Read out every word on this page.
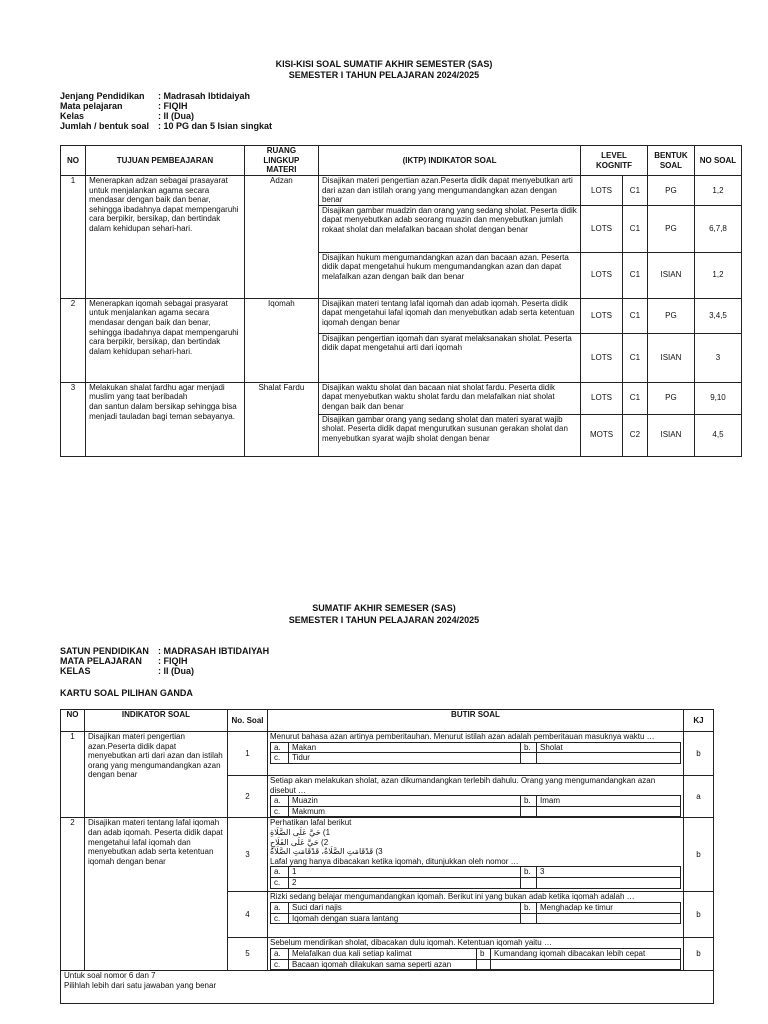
KISI-KISI SOAL SUMATIF AKHIR SEMESTER (SAS)
SEMESTER I TAHUN PELAJARAN 2024/2025
Jenjang Pendidikan : Madrasah Ibtidaiyah
Mata pelajaran	: FIQIH
Kelas	: II (Dua)
Jumlah / bentuk soal : 10 PG dan 5 Isian singkat
NO	TUJUAN PEMBEAJARAN	RUANG LINGKUP MATERI	(IKTP) INDIKATOR SOAL	LEVEL KOGNITF		BENTUK SOAL	NO SOAL
1	Menerapkan adzan sebagai prasayarat untuk menjalankan agama secara mendasar dengan baik dan benar, sehingga ibadahnya dapat mempengaruhi cara berpikir, bersikap, dan bertindak dalam kehidupan sehari-hari.	Adzan	Disajikan materi pengertian azan.Peserta didik dapat menyebutkan arti dari azan dan istilah orang yang mengumandangkan azan dengan benar	LOTS	C1	PG	1,2
			Disajikan gambar muadzin dan orang yang sedang sholat. Peserta didik dapat menyebutkan adab seorang muazin dan menyebutkan jumlah rokaat sholat dan melafalkan bacaan sholat dengan benar	LOTS	C1	PG	6,7,8
			Disajikan hukum mengumandangkan azan dan bacaan azan. Peserta didik dapat mengetahui hukum mengumandangkan azan dan dapat melafalkan azan dengan baik dan benar	LOTS	C1	ISIAN	1,2
2	Menerapkan iqomah sebagai prasyarat untuk menjalankan agama secara mendasar dengan baik dan benar, sehingga ibadahnya dapat mempengaruhi cara berpikir, bersikap, dan bertindak dalam kehidupan sehari-hari.	Iqomah	Disajikan materi tentang lafal iqomah dan adab iqomah. Peserta didik dapat mengetahui lafal iqomah dan menyebutkan adab serta ketentuan iqomah dengan benar	LOTS	C1	PG	3,4,5
			Disajikan pengertian iqomah dan syarat melaksanakan sholat. Peserta didik dapat mengetahui arti dari iqomah	LOTS	C1	ISIAN	3
3	Melakukan shalat fardhu agar menjadi muslim yang taat beribadah
dan santun dalam bersikap sehingga bisa menjadi tauladan bagi teman sebayanya.	Shalat Fardu	Disajikan waktu sholat dan bacaan niat sholat fardu. Peserta didik dapat menyebutkan waktu sholat fardu dan melafalkan niat sholat dengan baik dan benar	LOTS	C1	PG	9,10
			Disajikan gambar orang yang sedang sholat dan materi syarat wajib sholat. Peserta didik dapat mengurutkan susunan gerakan sholat dan menyebutkan syarat wajib sholat dengan benar	MOTS	C2	ISIAN	4,5
SUMATIF AKHIR SEMESER (SAS)
SEMESTER I TAHUN PELAJARAN 2024/2025
SATUN PENDIDIKAN : MADRASAH IBTIDAIYAH
MATA PELAJARAN : FIQIH
KELAS	: II (Dua)
KARTU SOAL PILIHAN GANDA
NO	INDIKATOR SOAL	No. Soal	BUTIR SOAL	KJ
1	Disajikan materi pengertian azan.Peserta didik dapat menyebutkan arti dari azan dan istilah orang yang mengumandangkan azan dengan benar	1	
Menurut bahasa azan artinya pemberitauhan. Menurut istilah azan adalah pemberitauan masuknya waktu …
a.	Makan	b.	Sholat
c.	Tidur		
		b
2	
Setiap akan melakukan sholat, azan dikumandangkan terlebih dahulu. Orang yang mengumandangkan azan disebut …
a.	Muazin	b.	Imam
c.	Makmum		
	a
2	Disajikan materi tentang lafal iqomah dan adab iqomah. Peserta didik dapat mengetahui lafal iqomah dan menyebutkan adab serta ketentuan iqomah dengan benar	3	
Perhatikan lafal berikut
1) حَيَّ عَلَى الصَّلَاةِ
2) حَيَّ عَلَى الفَلَاحِ
3) قَدْقَامَتِ الصَّلَاةُ، قَدْقَامَتِ الصَّلَاةُ
Lafal yang hanya dibacakan ketika iqomah, ditunjukkan oleh nomor …
a.	1	b.	3
c.	2		
	b
4	
Rizki sedang belajar mengumandangkan iqomah. Berikut ini yang bukan adab ketika iqomah adalah …
a.	Suci dari najis	b.	Menghadap ke timur
c.	Iqomah dengan suara lantang		
		b
5	
Sebelum mendirikan sholat, dibacakan dulu iqomah. Ketentuan iqomah yaitu …
a.	Melafalkan dua kali setiap kalimat	b	Kumandang iqomah dibacakan lebih cepat
c.	Bacaan iqomah dilakukan sama seperti azan		
	b

Untuk soal nomor 6 dan 7
Pilihlah lebih dari satu jawaban yang benar
